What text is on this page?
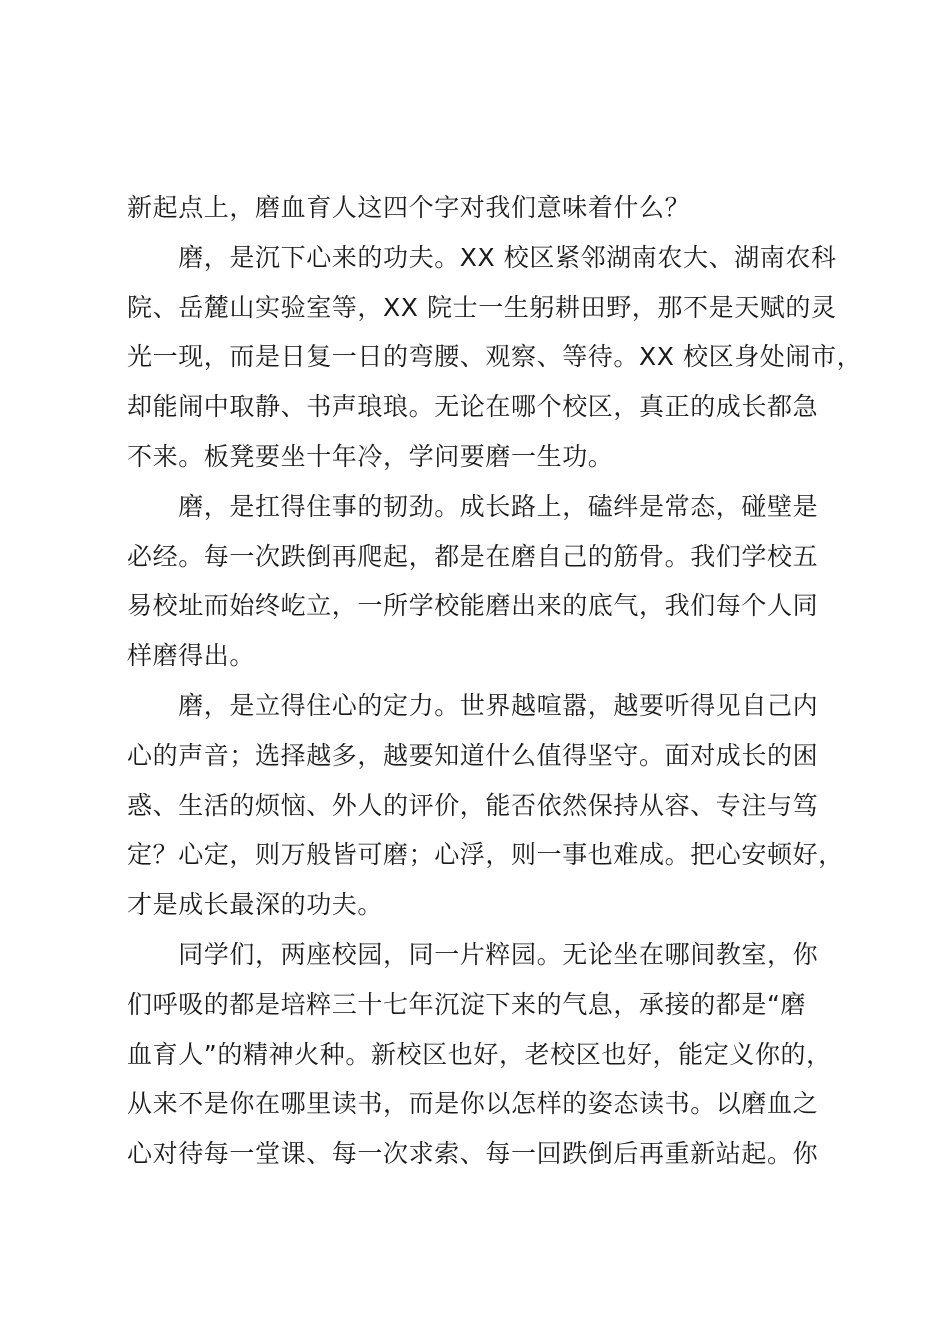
新起点上，磨血育人这四个字对我们意味着什么？
　　磨，是沉下心来的功夫。XX 校区紧邻湖南农大、湖南农科
院、岳麓山实验室等，XX 院士一生躬耕田野，那不是天赋的灵
光一现，而是日复一日的弯腰、观察、等待。XX 校区身处闹市，
却能闹中取静、书声琅琅。无论在哪个校区，真正的成长都急
不来。板凳要坐十年冷，学问要磨一生功。
　　磨，是扛得住事的韧劲。成长路上，磕绊是常态，碰壁是
必经。每一次跌倒再爬起，都是在磨自己的筋骨。我们学校五
易校址而始终屹立，一所学校能磨出来的底气，我们每个人同
样磨得出。
　　磨，是立得住心的定力。世界越喧嚣，越要听得见自己内
心的声音；选择越多，越要知道什么值得坚守。面对成长的困
惑、生活的烦恼、外人的评价，能否依然保持从容、专注与笃
定？心定，则万般皆可磨；心浮，则一事也难成。把心安顿好，
才是成长最深的功夫。
　　同学们，两座校园，同一片粹园。无论坐在哪间教室，你
们呼吸的都是培粹三十七年沉淀下来的气息，承接的都是“磨
血育人”的精神火种。新校区也好，老校区也好，能定义你的，
从来不是你在哪里读书，而是你以怎样的姿态读书。以磨血之
心对待每一堂课、每一次求索、每一回跌倒后再重新站起。你
